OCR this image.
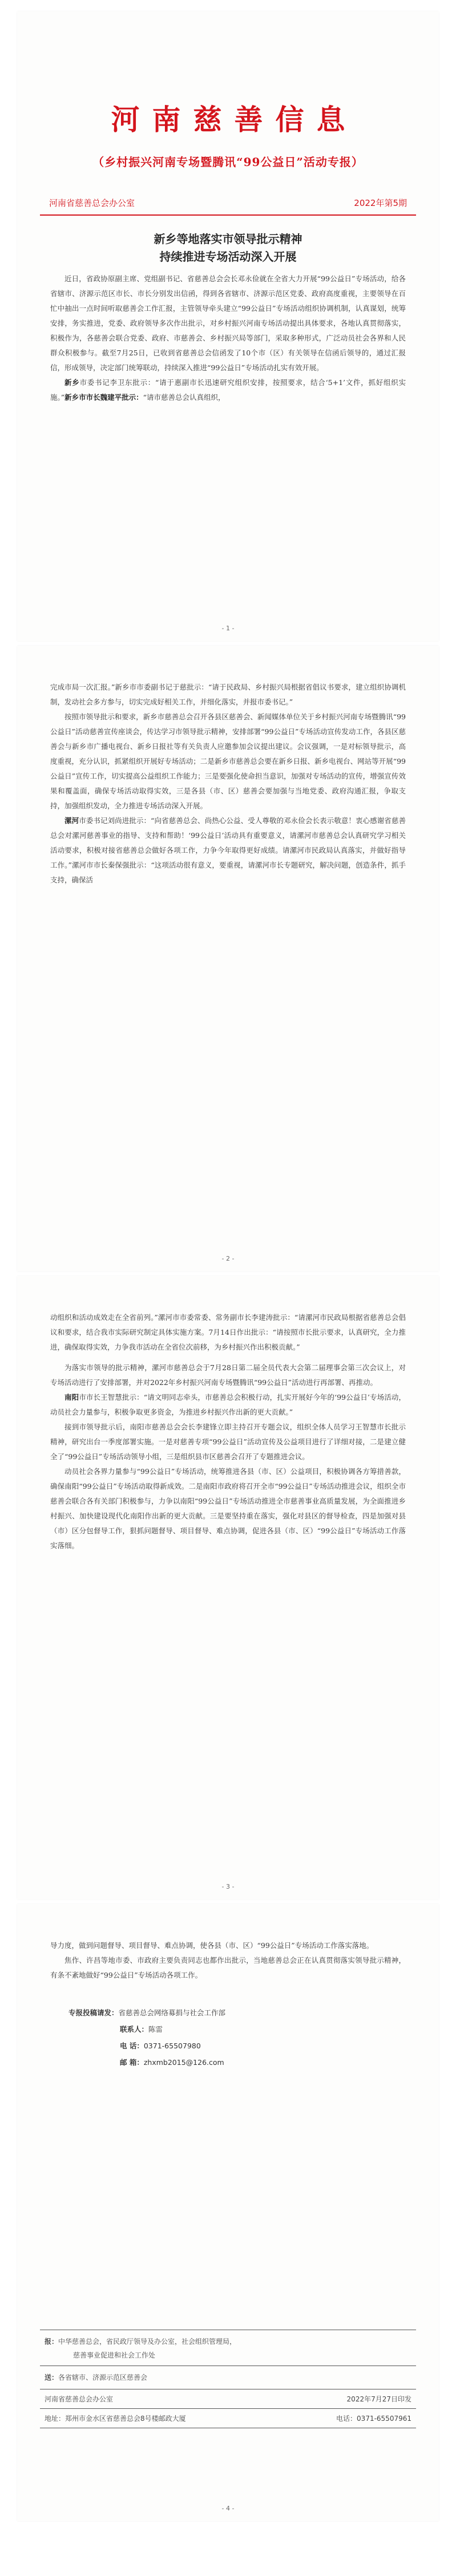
河南慈善信息
（乡村振兴河南专场暨腾讯“99公益日”活动专报）
河南省慈善总会办公室	2022年第5期
新乡等地落实市领导批示精神
持续推进专场活动深入开展

近日，省政协原副主席、党组副书记、省慈善总会会长邓永俭就在全省大力开展“99公益日”专场活动，给各省辖市、济源示范区市长、市长分别发出信函，得到各省辖市、济源示范区党委、政府高度重视，主要领导在百忙中抽出一点时间听取慈善会工作汇报，主管领导牵头建立“99公益日”专场活动组织协调机制，认真谋划，统筹安排，务实推进，党委、政府领导多次作出批示，对乡村振兴河南专场活动提出具体要求，各地认真贯彻落实，积极作为，各慈善会联合党委、政府、市慈善会、乡村振兴局等部门，采取多种形式，广泛动员社会各界和人民群众积极参与。截至7月25日，已收到省慈善总会信函发了10个市（区）有关领导在信函后领导的，通过汇报信，形成领导，决定部门统筹联动，持续深入推进“99公益日”专场活动扎实有效开展。

新乡市委书记李卫东批示：“请于惠副市长迅速研究组织安排，按照要求，结合‘5+1’文件，抓好组织实施。”新乡市市长魏建平批示：“请市慈善总会认真组织，

- 1 -

完成市局一次汇报。”新乡市市委副书记于慈批示：“请于民政局、乡村振兴局根据省倡议书要求，建立组织协调机制，发动社会多方参与，切实完成好相关工作，并细化落实，并报市委书记。”

按照市领导批示和要求，新乡市慈善总会召开各县区慈善会、新闻媒体单位关于乡村振兴河南专场暨腾讯“99公益日”活动慈善宣传座谈会，传达学习市领导批示精神，安排部署“99公益日”专场活动宣传发动工作，各县区慈善会与新乡市广播电视台、新乡日报社等有关负责人应邀参加会议提出建议。会议强调，一是对标领导批示，高度重视，充分认识，抓紧组织开展好专场活动；二是新乡市慈善总会要在新乡日报、新乡电视台、网站等开展“99公益日”宣传工作，切实提高公益组织工作能力；三是要强化使命担当意识，加强对专场活动的宣传，增强宣传效果和覆盖面，确保专场活动取得实效，三是各县（市、区）慈善会要加强与当地党委、政府沟通汇报，争取支持，加强组织发动，全力推进专场活动深入开展。

漯河市委书记刘尚进批示：“向省慈善总会、尚热心公益、受人尊敬的邓永俭会长表示敬意！衷心感谢省慈善总会对漯河慈善事业的指导、支持和帮助！‘99公益日’活动具有重要意义，请漯河市慈善总会认真研究学习相关活动要求，积极对接省慈善总会做好各项工作，力争今年取得更好成绩。请漯河市民政局认真落实，并做好指导工作。”漯河市市长秦保强批示：“这项活动很有意义，要重视，请漯河市长专题研究，解决问题，创造条件，抓手支持，确保活

- 2 -

动组织和活动成效走在全省前列。”漯河市市委常委、常务副市长李建涛批示：“请漯河市民政局根据省慈善总会倡议和要求，结合我市实际研究制定具体实施方案。7月14日作出批示：“请按照市长批示要求，认真研究，全力推进，确保取得实效，力争我市活动在全省位次前移，为乡村振兴作出积极贡献。”

为落实市领导的批示精神，漯河市慈善总会于7月28日第二届全员代表大会第二届理事会第三次会议上，对专场活动进行了安排部署，并对2022年乡村振兴河南专场暨腾讯“99公益日”活动进行再部署、再推动。

南阳市市长王智慧批示：“请文明同志牵头，市慈善总会积极行动，扎实开展好今年的‘99公益日’专场活动，动员社会力量参与，积极争取更多资金，为推进乡村振兴作出新的更大贡献。”

接到市领导批示后，南阳市慈善总会会长李建锋立即主持召开专题会议，组织全体人员学习王智慧市长批示精神，研究出台一季度部署实施。一是对慈善专项“99公益日”活动宣传及公益项目进行了详细对接，二是建立健全了“99公益日”专场活动领导小组，三是组织县市区慈善会召开了专题推进会议。

动员社会各界力量参与“99公益日”专场活动，统筹推进各县（市、区）公益项目，积极协调各方筹措善款，确保南阳“99公益日”专场活动取得新成效。二是南阳市政府将召开全市“99公益日”专场活动推进会议，组织全市慈善会联合各有关部门积极参与，力争以南阳“99公益日”专场活动推进全市慈善事业高质量发展，为全面推进乡村振兴、加快建设现代化南阳作出新的更大贡献。三是要坚持重在落实，强化对县区的督导检查，四是加强对县（市）区分包督导工作，狠抓问题督导、项目督导、难点协调，促进各县（市、区）“99公益日”专场活动工作落实落细。

- 3 -

导力度，做到问题督导、项目督导、难点协调，使各县（市、区）“99公益日”专场活动工作落实落地。

焦作、许昌等地市委、市政府主要负责同志也都作出批示，当地慈善总会正在认真贯彻落实领导批示精神，有条不紊地做好“99公益日”专场活动各项工作。

专报投稿请发：省慈善总会网络募捐与社会工作部
联系人：陈雷
电 话：0371-65507980
邮 箱：zhxmb2015@126.com
报：中华慈善总会，省民政厅领导及办公室，社会组织管理局，
慈善事业促进和社会工作处
送：各省辖市、济源示范区慈善会
河南省慈善总会办公室	2022年7月27日印发
地址：郑州市金水区省慈善总会8号楼邮政大厦	电话：0371-65507961
- 4 -
